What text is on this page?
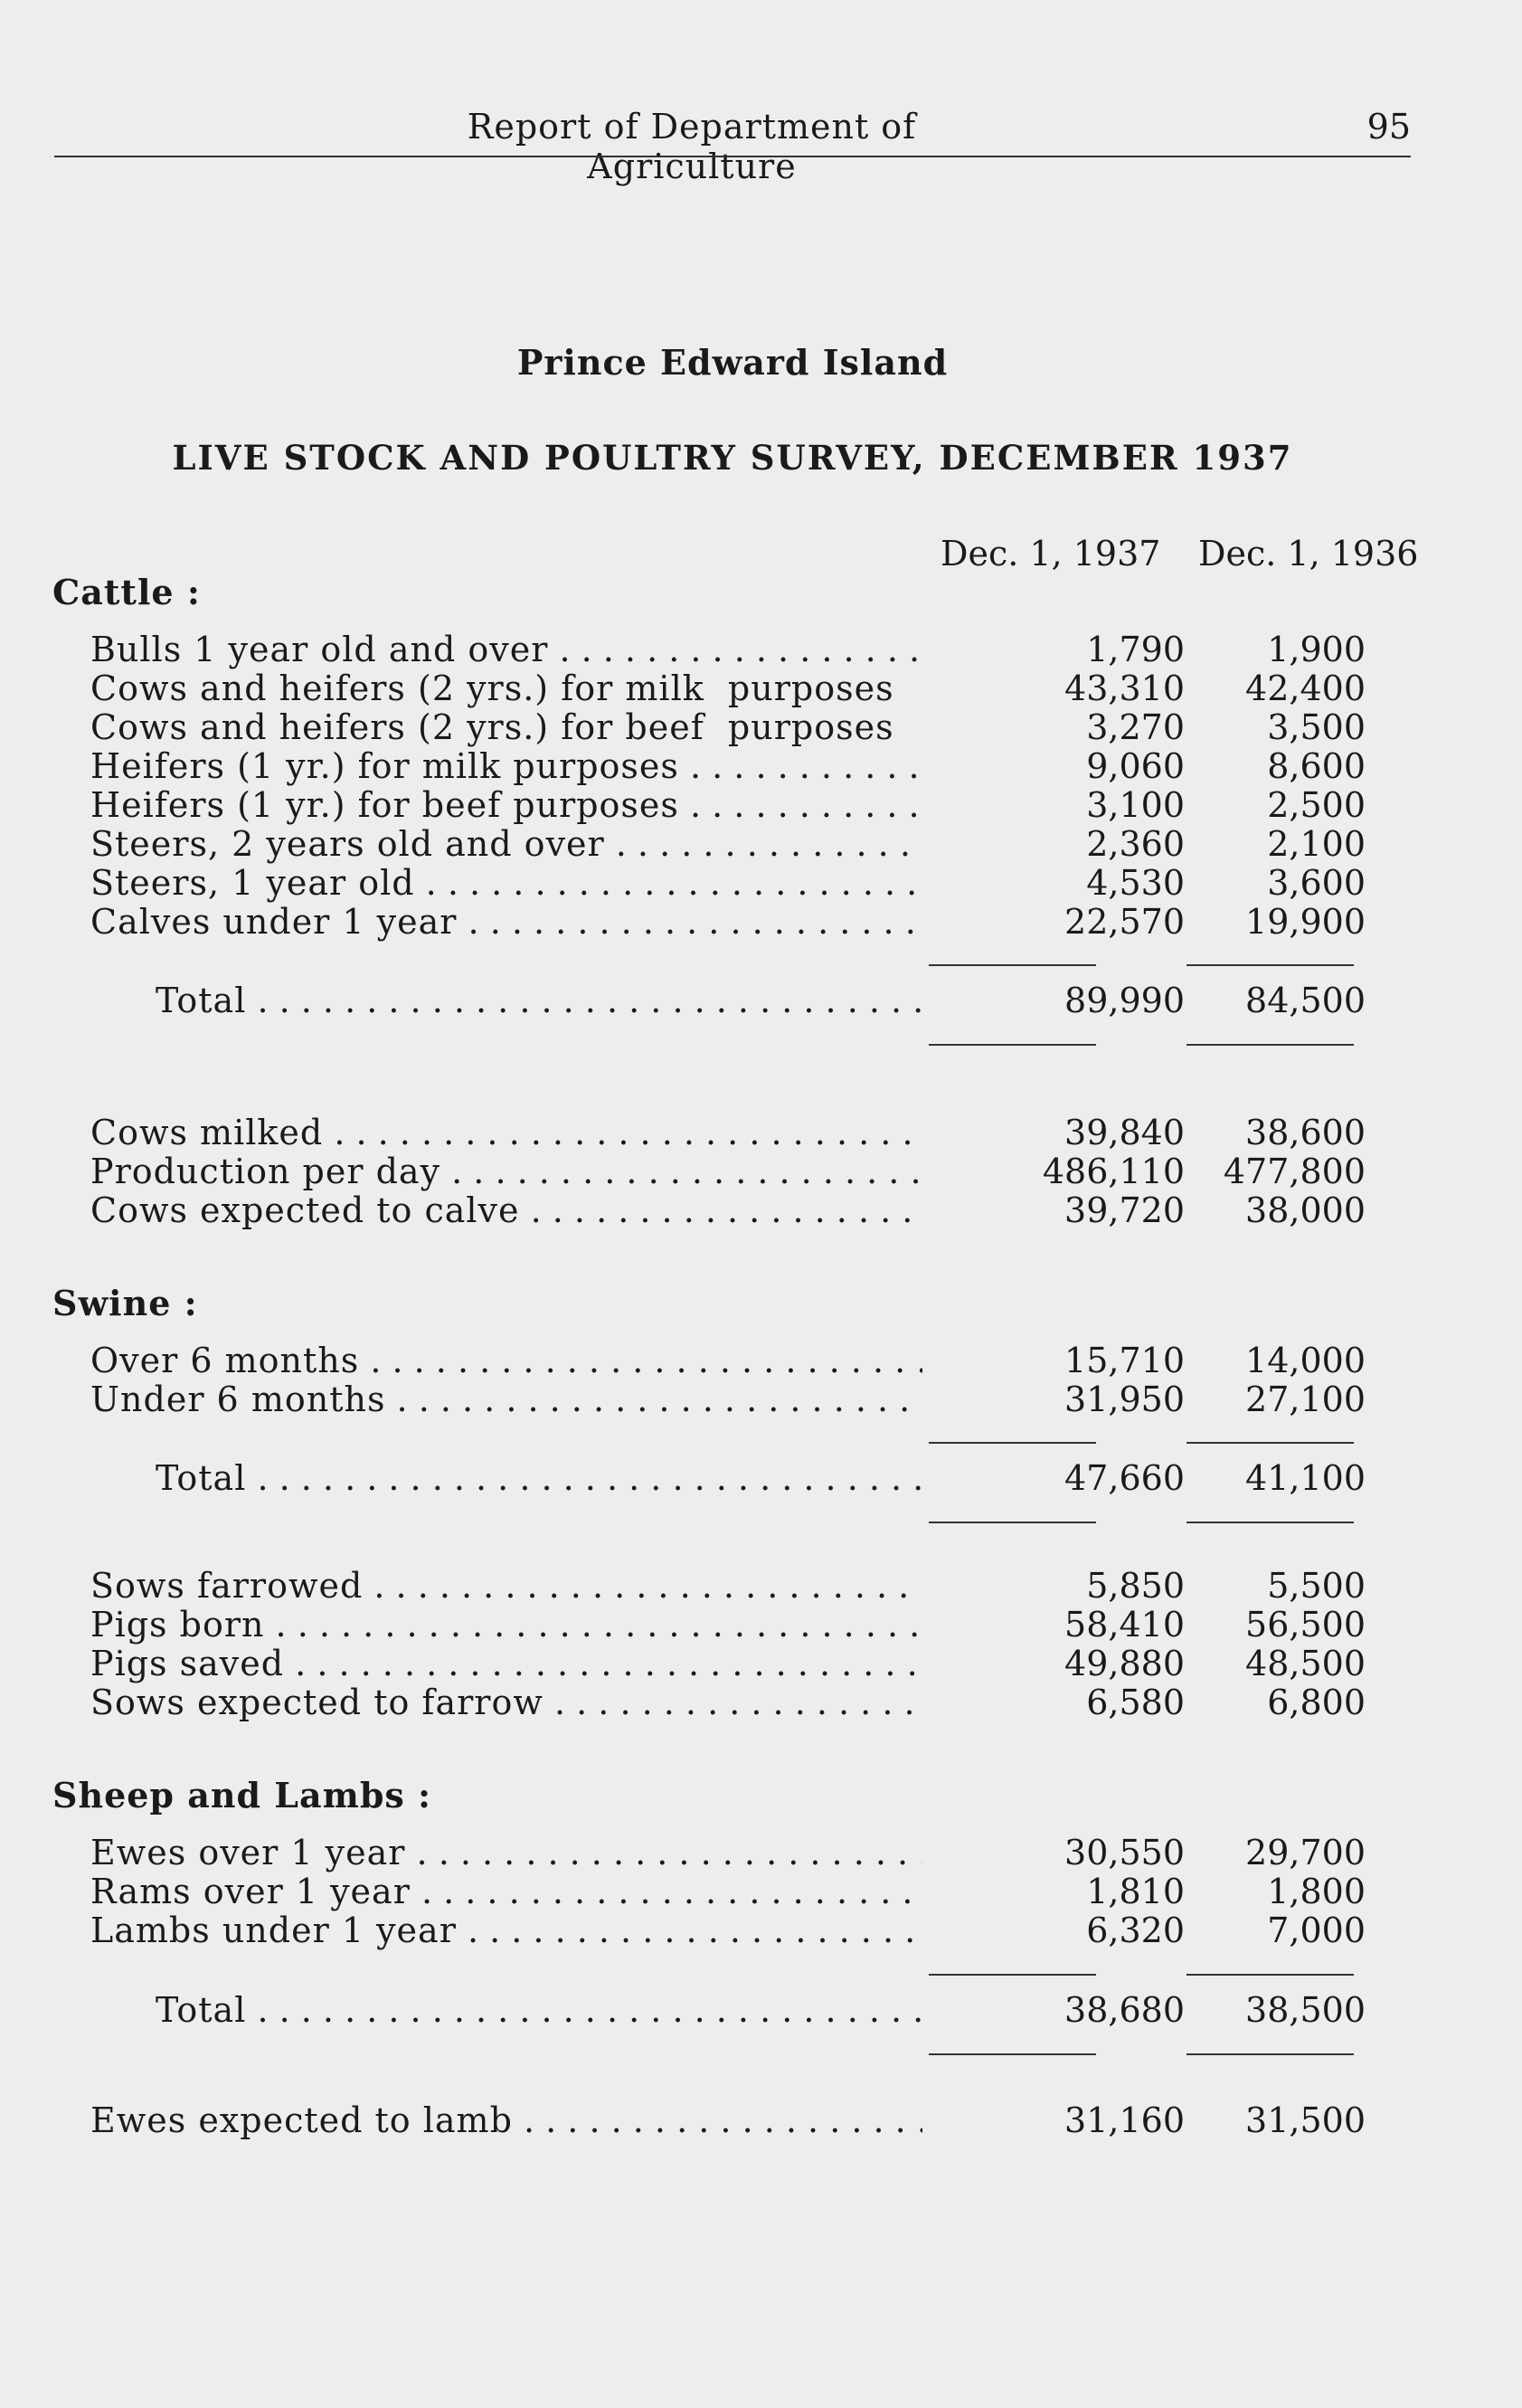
Report of Department of Agriculture
95
Prince Edward Island
LIVE STOCK AND POULTRY SURVEY, DECEMBER 1937
Dec. 1, 1937 Dec. 1, 1936
Cattle :
Bulls 1 year old and over . . .	1,790	1,900
Cows and heifers (2 yrs.) for milk  purposes	43,310	42,400
Cows and heifers (2 yrs.) for beef  purposes	3,270	3,500
Heifers (1 yr.) for milk purposes . . .	9,060	8,600
Heifers (1 yr.) for beef purposes . . .	3,100	2,500
Steers, 2 years old and over . . .	2,360	2,100
Steers, 1 year old . . .	4,530	3,600
Calves under 1 year . . .	22,570	19,900
Total . . .	89,990	84,500
Cows milked . . .	39,840	38,600
Production per day . . .	486,110	477,800
Cows expected to calve . . .	39,720	38,000
Swine :
Over 6 months . . .	15,710	14,000
Under 6 months . . .	31,950	27,100
Total . . .	47,660	41,100
Sows farrowed . . .	5,850	5,500
Pigs born . . .	58,410	56,500
Pigs saved . . .	49,880	48,500
Sows expected to farrow . . .	6,580	6,800
Sheep and Lambs :
Ewes over 1 year . . .	30,550	29,700
Rams over 1 year . . .	1,810	1,800
Lambs under 1 year . . .	6,320	7,000
Total . . .	38,680	38,500
Ewes expected to lamb . . .	31,160	31,500
